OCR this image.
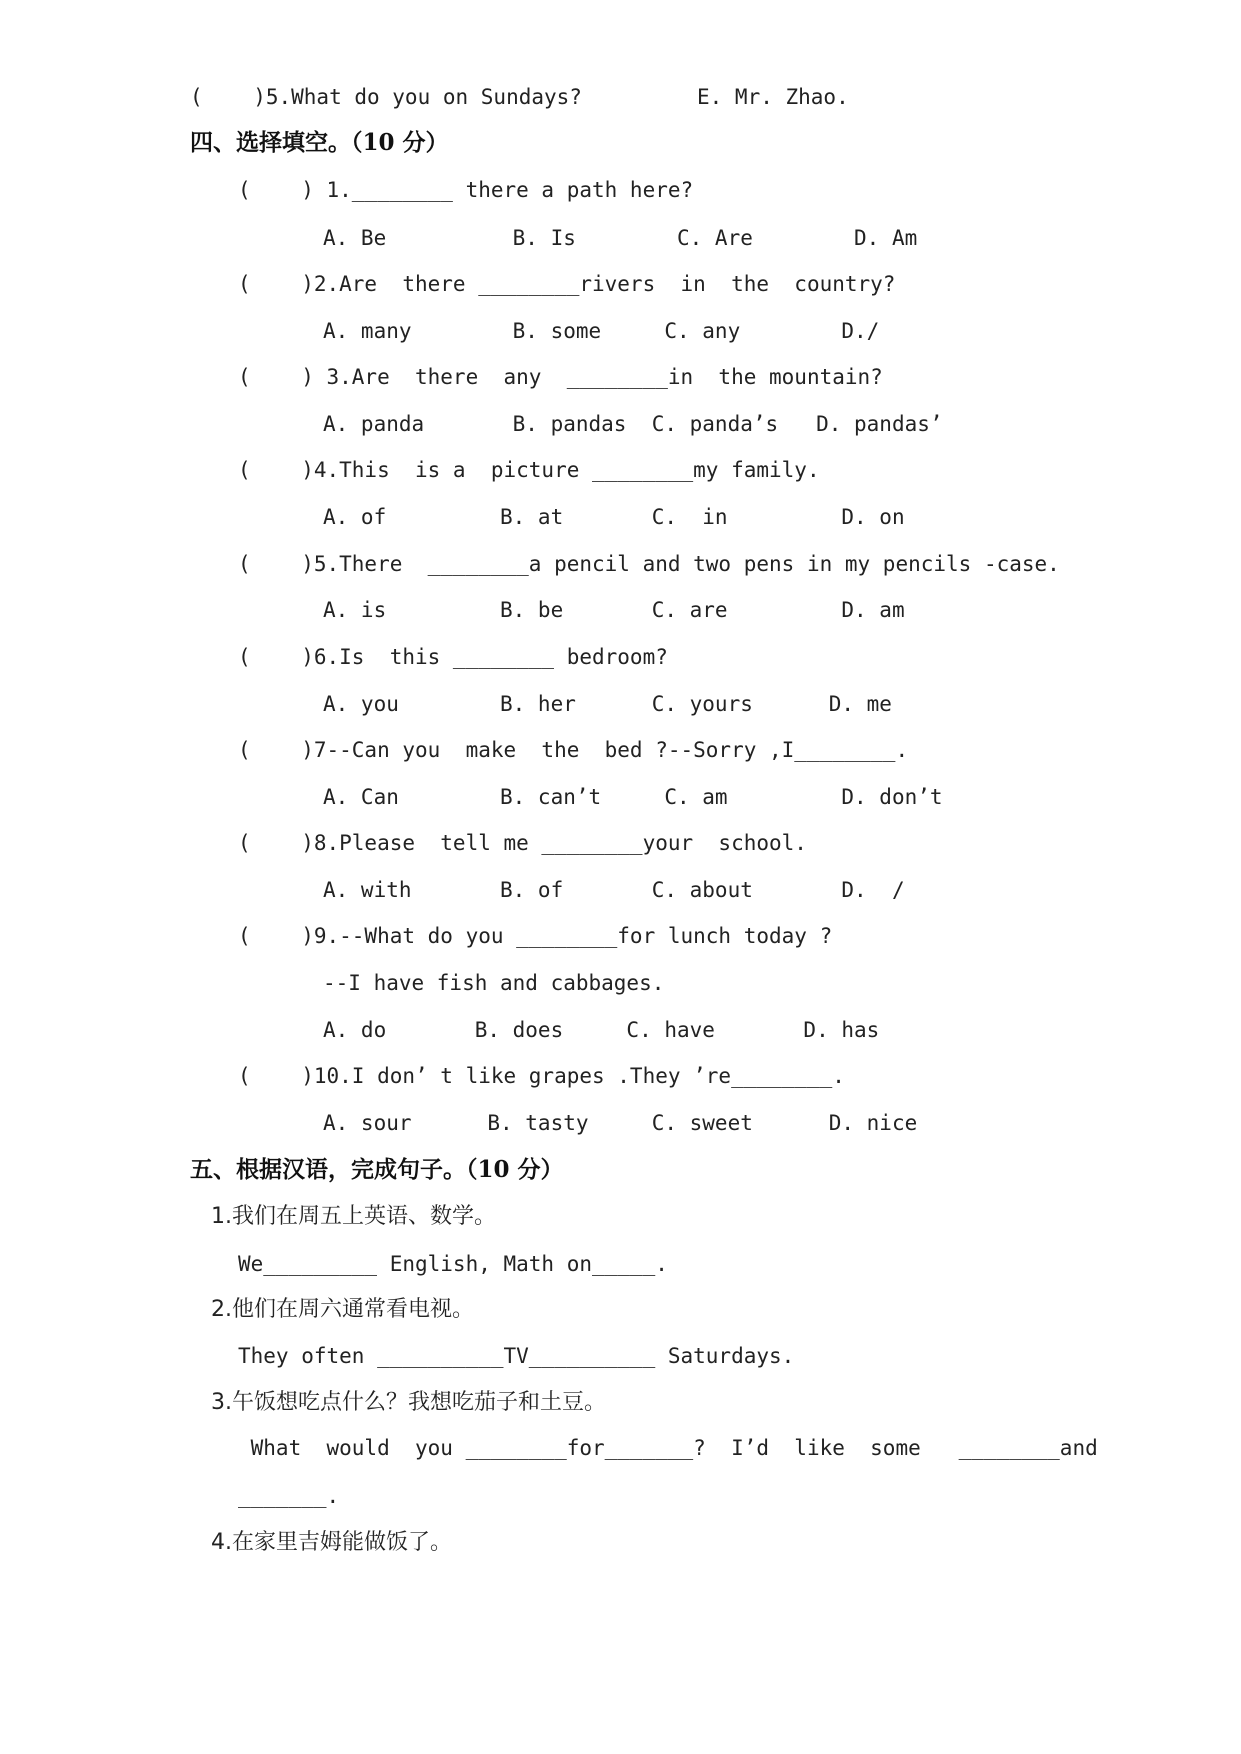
(    )5.What do you on Sundays?	E. Mr. Zhao.
四、选择填空。（10 分）
(    ) 1.________ there a path here?
A. Be          B. Is        C. Are        D. Am
(    )2.Are  there ________rivers  in  the  country?
A. many        B. some     C. any        D./
(    ) 3.Are  there  any  ________in  the mountain?
A. panda       B. pandas  C. panda’s   D. pandas’
(    )4.This  is a  picture ________my family.
A. of         B. at       C.  in         D. on
(    )5.There  ________a pencil and two pens in my pencils -case.
A. is         B. be       C. are         D. am
(    )6.Is  this ________ bedroom?
A. you        B. her      C. yours      D. me
(    )7--Can you  make  the  bed ?--Sorry ,I________.
A. Can        B. can’t     C. am         D. don’t
(    )8.Please  tell me ________your  school.
A. with       B. of       C. about       D.  /
(    )9.--What do you ________for lunch today ?
--I have fish and cabbages.
A. do       B. does     C. have       D. has
(    )10.I don’ t like grapes .They ’re________.
A. sour      B. tasty     C. sweet      D. nice
五、根据汉语，完成句子。（10 分）
1.我们在周五上英语、数学。
We_________ English, Math on_____.
2.他们在周六通常看电视。
They often __________TV__________ Saturdays.
3.午饭想吃点什么？我想吃茄子和土豆。
What  would  you ________for_______?  I’d  like  some   ________and
_______.
4.在家里吉姆能做饭了。
